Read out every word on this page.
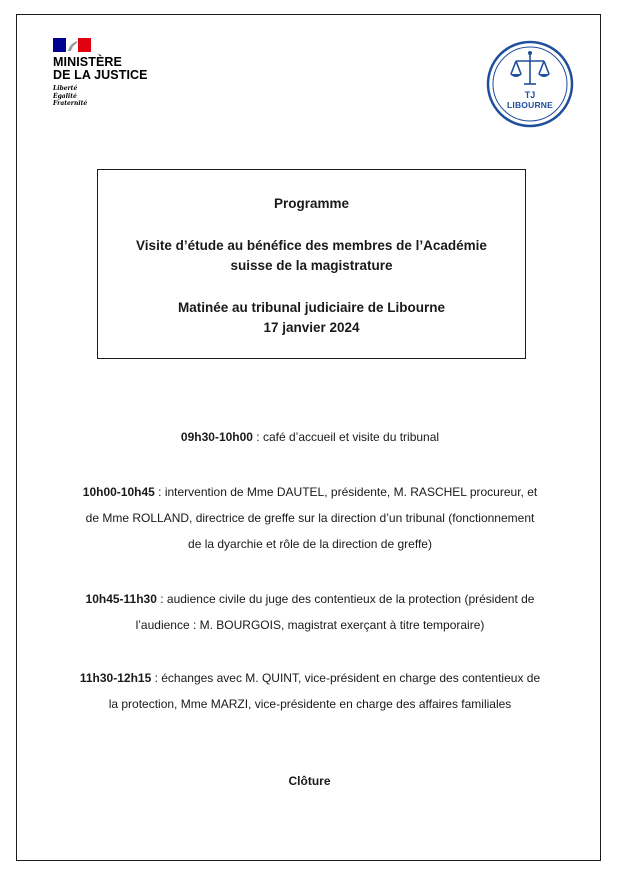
MINISTÈRE
DE LA JUSTICE
Liberté
Égalité
Fraternité
TJ
LIBOURNE
Programme
Visite d’étude au bénéfice des membres de l’Académie
suisse de la magistrature
Matinée au tribunal judiciaire de Libourne
17 janvier 2024
09h30-10h00 : café d’accueil et visite du tribunal
10h00-10h45 : intervention de Mme DAUTEL, présidente, M. RASCHEL procureur, et
de Mme ROLLAND, directrice de greffe sur la direction d’un tribunal (fonctionnement
de la dyarchie et rôle de la direction de greffe)
10h45-11h30 : audience civile du juge des contentieux de la protection (président de
l’audience : M. BOURGOIS, magistrat exerçant à titre temporaire)
11h30-12h15 : échanges avec M. QUINT, vice-président en charge des contentieux de
la protection, Mme MARZI, vice-présidente en charge des affaires familiales
Clôture
